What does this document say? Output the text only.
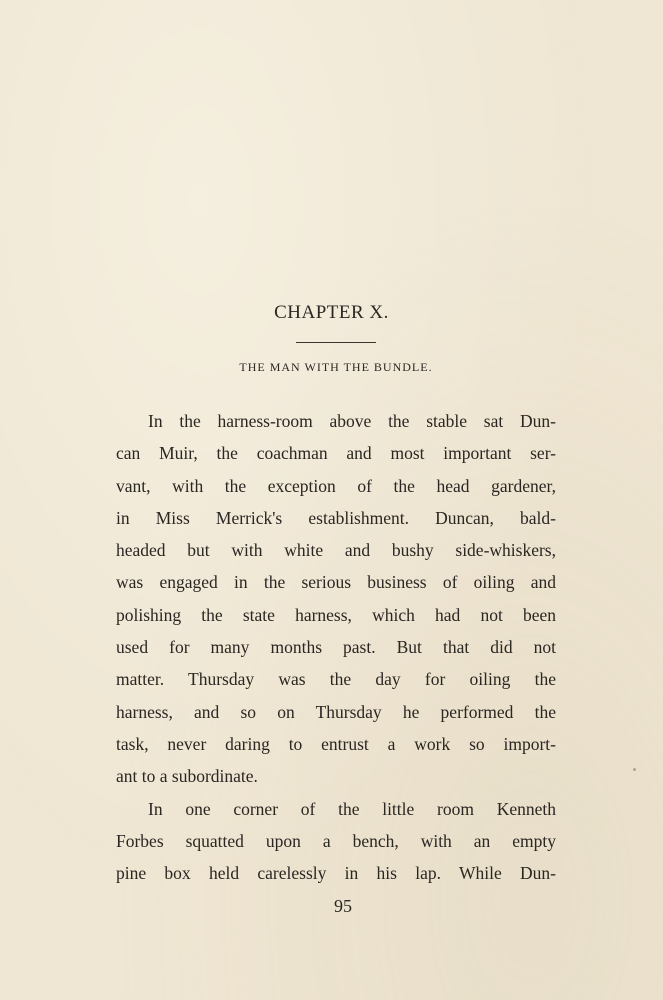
CHAPTER X.
THE MAN WITH THE BUNDLE.
In the harness-room above the stable sat Dun-
can Muir, the coachman and most important ser-
vant, with the exception of the head gardener,
in Miss Merrick's establishment. Duncan, bald-
headed but with white and bushy side-whiskers,
was engaged in the serious business of oiling and
polishing the state harness, which had not been
used for many months past. But that did not
matter. Thursday was the day for oiling the
harness, and so on Thursday he performed the
task, never daring to entrust a work so import-
ant to a subordinate.
In one corner of the little room Kenneth
Forbes squatted upon a bench, with an empty
pine box held carelessly in his lap. While Dun-
95
